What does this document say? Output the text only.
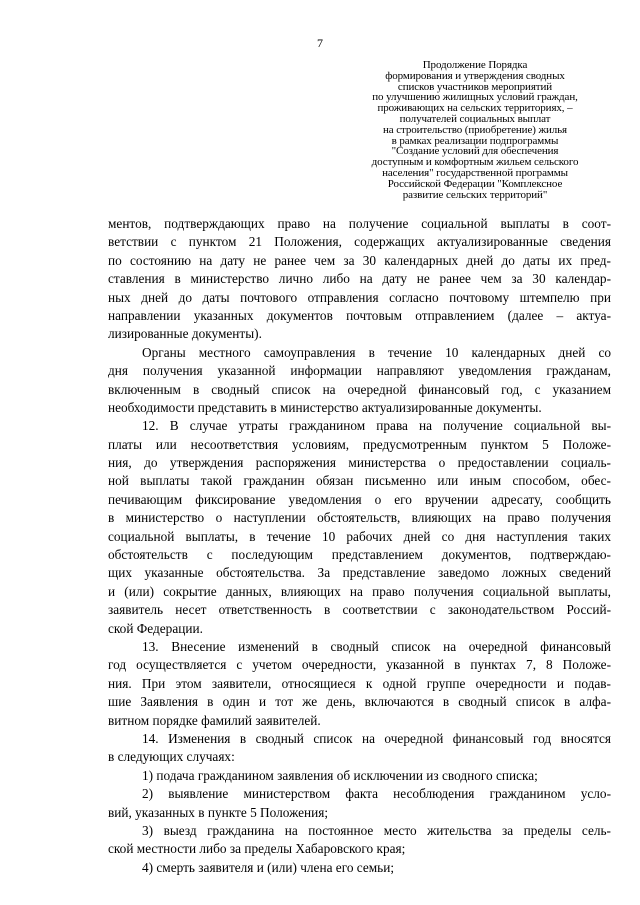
7
Продолжение Порядка
формирования и утверждения сводных
списков участников мероприятий
по улучшению жилищных условий граждан,
проживающих на сельских территориях, –
получателей социальных выплат
на строительство (приобретение) жилья
в рамках реализации подпрограммы
"Создание условий для обеспечения
доступным и комфортным жильем сельского
населения" государственной программы
Российской Федерации "Комплексное
развитие сельских территорий"
ментов, подтверждающих право на получение социальной выплаты в соот-
ветствии с пунктом 21 Положения, содержащих актуализированные сведения
по состоянию на дату не ранее чем за 30 календарных дней до даты их пред-
ставления в министерство лично либо на дату не ранее чем за 30 календар-
ных дней до даты почтового отправления согласно почтовому штемпелю при
направлении указанных документов почтовым отправлением (далее – актуа-
лизированные документы).
Органы местного самоуправления в течение 10 календарных дней со
дня получения указанной информации направляют уведомления гражданам,
включенным в сводный список на очередной финансовый год, с указанием
необходимости представить в министерство актуализированные документы.
12. В случае утраты гражданином права на получение социальной вы-
платы или несоответствия условиям, предусмотренным пунктом 5 Положе-
ния, до утверждения распоряжения министерства о предоставлении социаль-
ной выплаты такой гражданин обязан письменно или иным способом, обес-
печивающим фиксирование уведомления о его вручении адресату, сообщить
в министерство о наступлении обстоятельств, влияющих на право получения
социальной выплаты, в течение 10 рабочих дней со дня наступления таких
обстоятельств с последующим представлением документов, подтверждаю-
щих указанные обстоятельства. За представление заведомо ложных сведений
и (или) сокрытие данных, влияющих на право получения социальной выплаты,
заявитель несет ответственность в соответствии с законодательством Россий-
ской Федерации.
13. Внесение изменений в сводный список на очередной финансовый
год осуществляется с учетом очередности, указанной в пунктах 7, 8 Положе-
ния. При этом заявители, относящиеся к одной группе очередности и подав-
шие Заявления в один и тот же день, включаются в сводный список в алфа-
витном порядке фамилий заявителей.
14. Изменения в сводный список на очередной финансовый год вносятся
в следующих случаях:
1) подача гражданином заявления об исключении из сводного списка;
2) выявление министерством факта несоблюдения гражданином усло-
вий, указанных в пункте 5 Положения;
3) выезд гражданина на постоянное место жительства за пределы сель-
ской местности либо за пределы Хабаровского края;
4) смерть заявителя и (или) члена его семьи;
